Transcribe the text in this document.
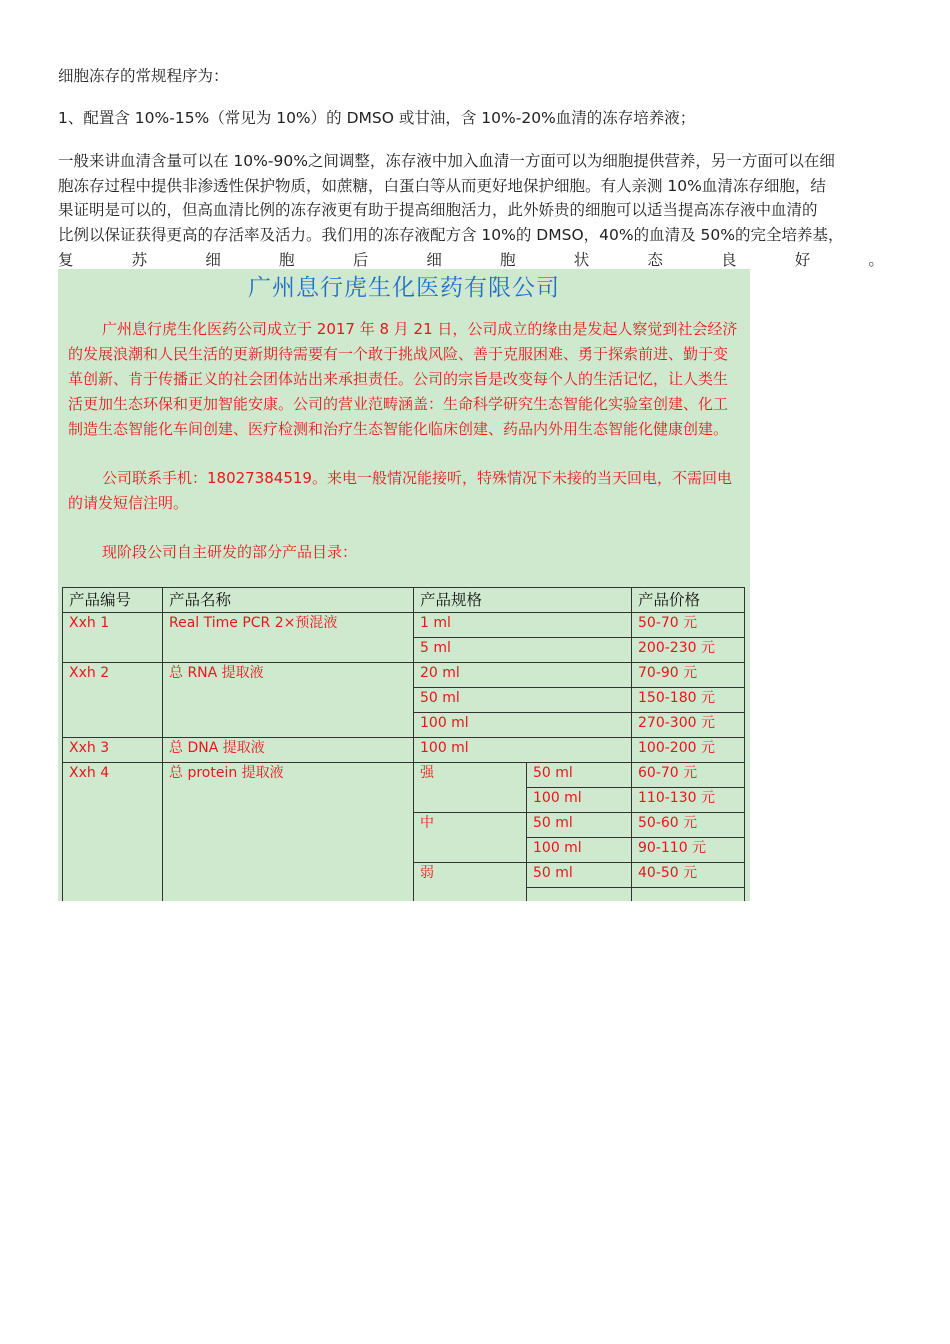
细胞冻存的常规程序为：

1、配置含 10%-15%（常见为 10%）的 DMSO 或甘油，含 10%-20%血清的冻存培养液；

一般来讲血清含量可以在 10%-90%之间调整，冻存液中加入血清一方面可以为细胞提供营养，另一方面可以在细

胞冻存过程中提供非渗透性保护物质，如蔗糖，白蛋白等从而更好地保护细胞。有人亲测 10%血清冻存细胞，结

果证明是可以的，但高血清比例的冻存液更有助于提高细胞活力，此外娇贵的细胞可以适当提高冻存液中血清的

比例以保证获得更高的存活率及活力。我们用的冻存液配方含 10%的 DMSO，40%的血清及 50%的完全培养基，

复	苏	细	胞	后	细	胞	状	态	良	好	。
广州息行虎生化医药有限公司

广州息行虎生化医药公司成立于 2017 年 8 月 21 日，公司成立的缘由是发起人察觉到社会经济的发展浪潮和人民生活的更新期待需要有一个敢于挑战风险、善于克服困难、勇于探索前进、勤于变革创新、肯于传播正义的社会团体站出来承担责任。公司的宗旨是改变每个人的生活记忆，让人类生活更加生态环保和更加智能安康。公司的营业范畴涵盖：生命科学研究生态智能化实验室创建、化工制造生态智能化车间创建、医疗检测和治疗生态智能化临床创建、药品内外用生态智能化健康创建。

公司联系手机：18027384519。来电一般情况能接听，特殊情况下未接的当天回电，不需回电的请发短信注明。

现阶段公司自主研发的部分产品目录：

产品编号	产品名称	产品规格		产品价格
Xxh 1	Real Time PCR 2×预混液	1 ml		50-70 元
		5 ml		200-230 元
Xxh 2	总 RNA 提取液	20 ml		70-90 元
		50 ml		150-180 元
		100 ml		270-300 元
Xxh 3	总 DNA 提取液	100 ml		100-200 元
Xxh 4	总 protein 提取液	强	50 ml	60-70 元
			100 ml	110-130 元
		中	50 ml	50-60 元
			100 ml	90-110 元
		弱	50 ml	40-50 元
